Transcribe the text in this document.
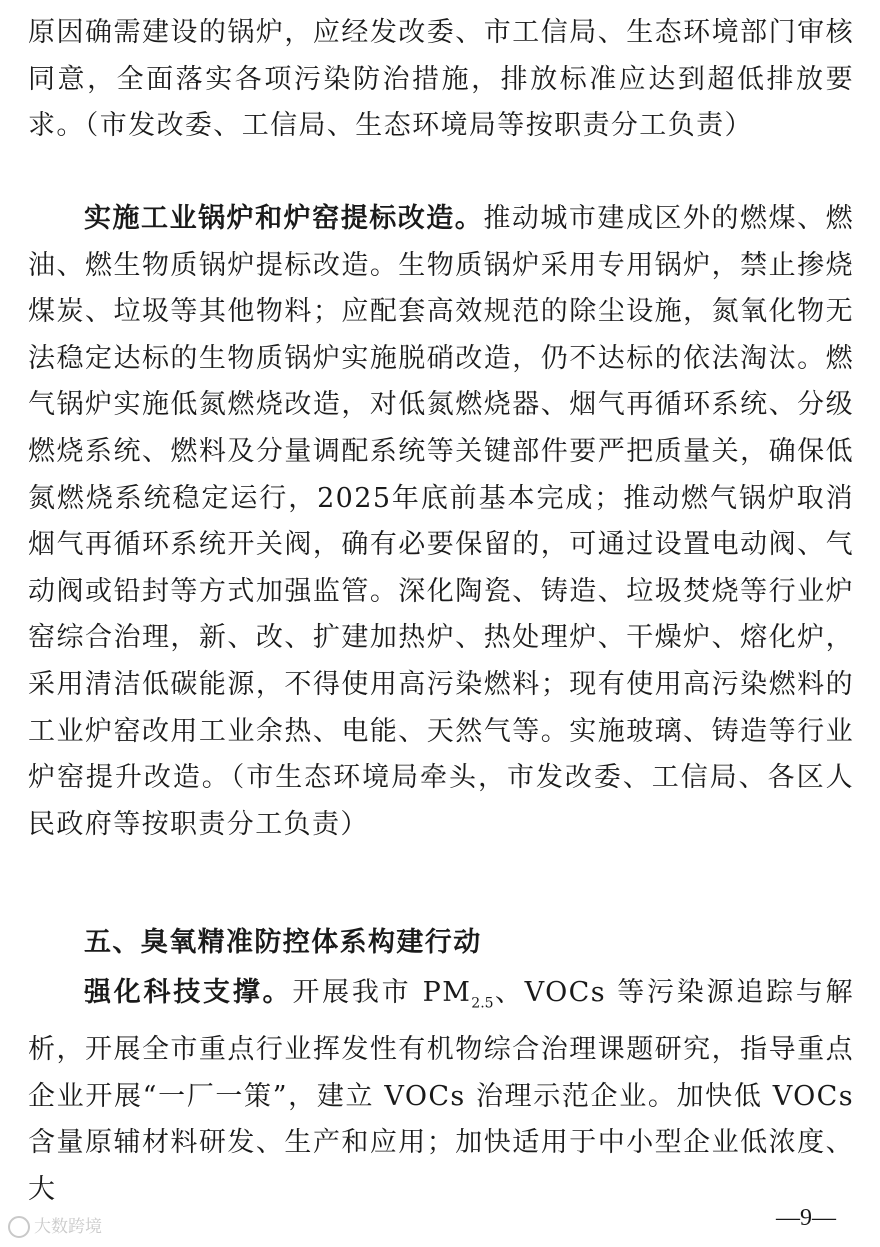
原因确需建设的锅炉，应经发改委、市工信局、生态环境部门审核同意，全面落实各项污染防治措施，排放标准应达到超低排放要求。（市发改委、工信局、生态环境局等按职责分工负责）

实施工业锅炉和炉窑提标改造。推动城市建成区外的燃煤、燃油、燃生物质锅炉提标改造。生物质锅炉采用专用锅炉，禁止掺烧煤炭、垃圾等其他物料；应配套高效规范的除尘设施，氮氧化物无法稳定达标的生物质锅炉实施脱硝改造，仍不达标的依法淘汰。燃气锅炉实施低氮燃烧改造，对低氮燃烧器、烟气再循环系统、分级燃烧系统、燃料及分量调配系统等关键部件要严把质量关，确保低氮燃烧系统稳定运行，2025年底前基本完成；推动燃气锅炉取消烟气再循环系统开关阀，确有必要保留的，可通过设置电动阀、气动阀或铅封等方式加强监管。深化陶瓷、铸造、垃圾焚烧等行业炉窑综合治理，新、改、扩建加热炉、热处理炉、干燥炉、熔化炉，采用清洁低碳能源，不得使用高污染燃料；现有使用高污染燃料的工业炉窑改用工业余热、电能、天然气等。实施玻璃、铸造等行业炉窑提升改造。（市生态环境局牵头，市发改委、工信局、各区人民政府等按职责分工负责）

五、臭氧精准防控体系构建行动

强化科技支撑。开展我市 $PM_{2.5}$、VOCs 等污染源追踪与解析，开展全市重点行业挥发性有机物综合治理课题研究，指导重点企业开展“一厂一策”，建立 VOCs 治理示范企业。加快低 VOCs 含量原辅材料研发、生产和应用；加快适用于中小型企业低浓度、大

大数跨境	—9—
